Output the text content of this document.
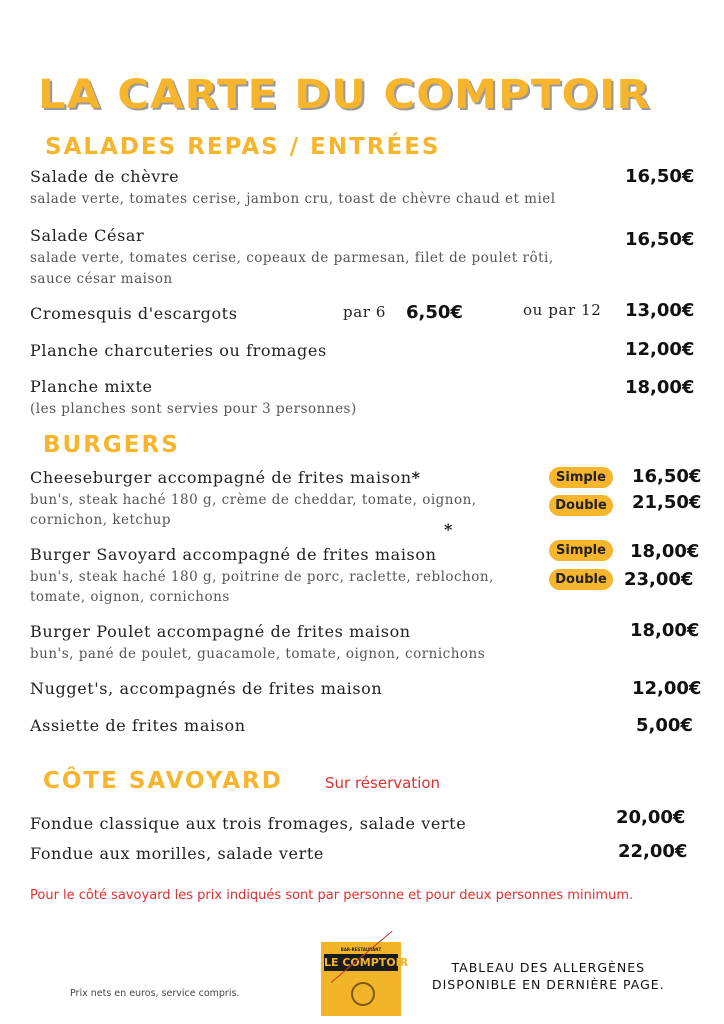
LA CARTE DU COMPTOIR
SALADES REPAS / ENTRÉES
Salade de chèvre
salade verte, tomates cerise, jambon cru, toast de chèvre chaud et miel
16,50€
Salade César
salade verte, tomates cerise, copeaux de parmesan, filet de poulet rôti,
sauce césar maison
16,50€
Cromesquis d'escargots	par 6 6,50€	ou par 12 13,00€
Planche charcuteries ou fromages	12,00€
Planche mixte
(les planches sont servies pour 3 personnes)
18,00€
BURGERS
Cheeseburger accompagné de frites maison*
bun's, steak haché 180 g, crème de cheddar, tomate, oignon,
cornichon, ketchup
Simple	16,50€
Double	21,50€
*
Burger Savoyard accompagné de frites maison
bun's, steak haché 180 g, poitrine de porc, raclette, reblochon,
tomate, oignon, cornichons
Simple	18,00€
Double 23,00€
Burger Poulet accompagné de frites maison
bun's, pané de poulet, guacamole, tomate, oignon, cornichons
18,00€
Nugget's, accompagnés de frites maison	12,00€
Assiette de frites maison	5,00€
CÔTE SAVOYARD	Sur réservation
Fondue classique aux trois fromages, salade verte	20,00€
Fondue aux morilles, salade verte	22,00€
Pour le côté savoyard les prix indiqués sont par personne et pour deux personnes minimum.
Prix nets en euros, service compris.
BAR-RESTAURANT
LE COMPTOIR	TABLEAU DES ALLERGÈNES
DISPONIBLE EN DERNIÈRE PAGE.
